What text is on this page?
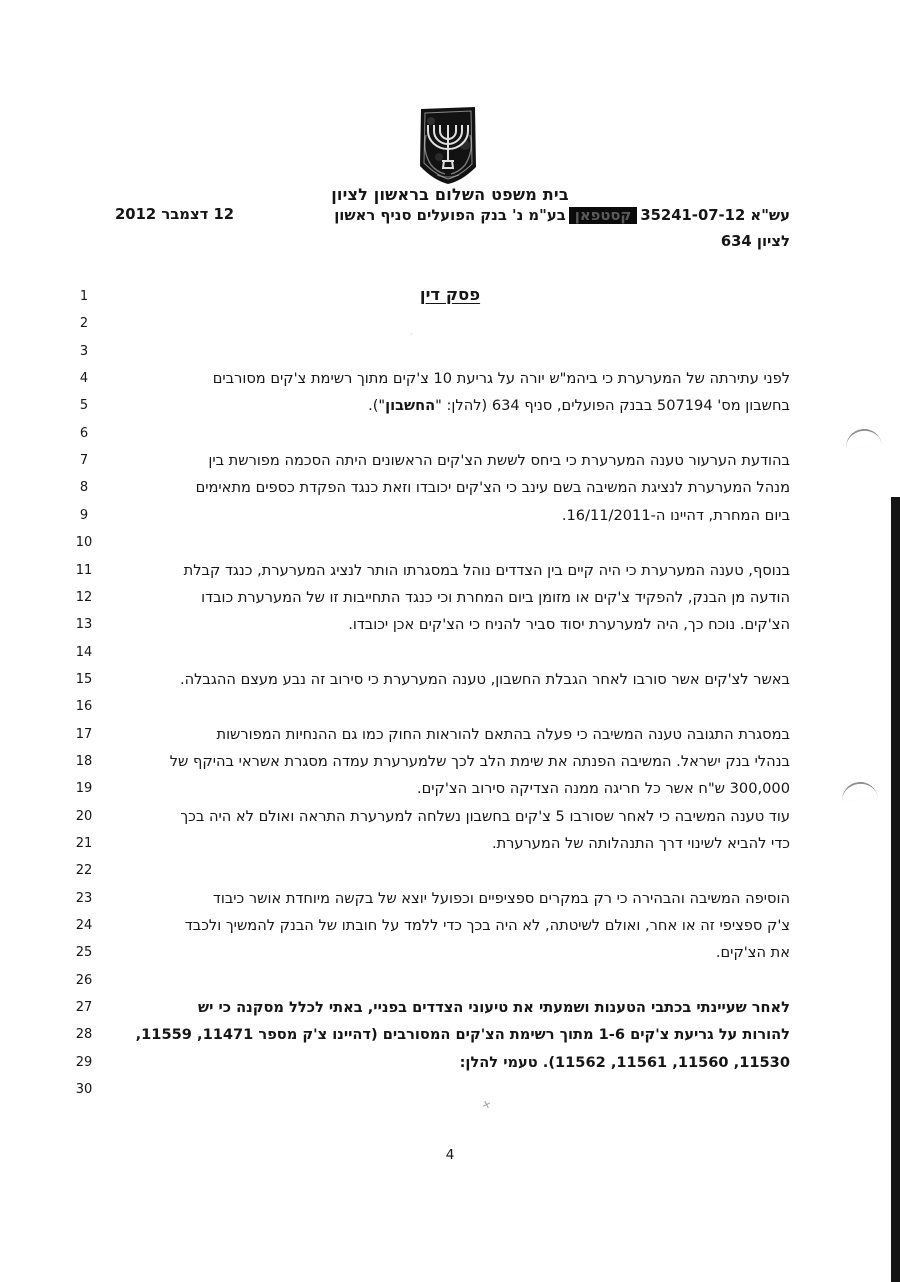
בית משפט השלום בראשון לציון
עש"א 35241-07-12קסטפאןבע"מ נ' בנק הפועלים סניף ראשון
לציון 634
12 דצמבר 2012
פסק דין
1
2
3
4	לפני עתירתה של המערערת כי ביהמ"ש יורה על גריעת 10 צ'קים מתוך רשימת צ'קים מסורבים
5	בחשבון מס' 507194 בבנק הפועלים, סניף 634 (להלן: "החשבון").
6
7	בהודעת הערעור טענה המערערת כי ביחס לששת הצ'קים הראשונים היתה הסכמה מפורשת בין
8	מנהל המערערת לנציגת המשיבה בשם עינב כי הצ'קים יכובדו וזאת כנגד הפקדת כספים מתאימים
9	ביום המחרת, דהיינו ה-16/11/2011.
10
11	בנוסף, טענה המערערת כי היה קיים בין הצדדים נוהל במסגרתו הותר לנציג המערערת, כנגד קבלת
12	הודעה מן הבנק, להפקיד צ'קים או מזומן ביום המחרת וכי כנגד התחייבות זו של המערערת כובדו
13	הצ'קים. נוכח כך, היה למערערת יסוד סביר להניח כי הצ'קים אכן יכובדו.
14
15	באשר לצ'קים אשר סורבו לאחר הגבלת החשבון, טענה המערערת כי סירוב זה נבע מעצם ההגבלה.
16
17	במסגרת התגובה טענה המשיבה כי פעלה בהתאם להוראות החוק כמו גם ההנחיות המפורשות
18	בנהלי בנק ישראל. המשיבה הפנתה את שימת הלב לכך שלמערערת עמדה מסגרת אשראי בהיקף של
19	300,000 ש"ח אשר כל חריגה ממנה הצדיקה סירוב הצ'קים.
20	עוד טענה המשיבה כי לאחר שסורבו 5 צ'קים בחשבון נשלחה למערערת התראה ואולם לא היה בכך
21	כדי להביא לשינוי דרך התנהלותה של המערערת.
22
23	הוסיפה המשיבה והבהירה כי רק במקרים ספציפיים וכפועל יוצא של בקשה מיוחדת אושר כיבוד
24	צ'ק ספציפי זה או אחר, ואולם לשיטתה, לא היה בכך כדי ללמד על חובתו של הבנק להמשיך ולכבד
25	את הצ'קים.
26
27	לאחר שעיינתי בכתבי הטענות ושמעתי את טיעוני הצדדים בפניי, באתי לכלל מסקנה כי יש
28	להורות על גריעת צ'קים 1-6 מתוך רשימת הצ'קים המסורבים (דהיינו צ'ק מספר 11471, 11559,
29	11530, 11560, 11561, 11562). טעמי להלן:
30
4
×
·
